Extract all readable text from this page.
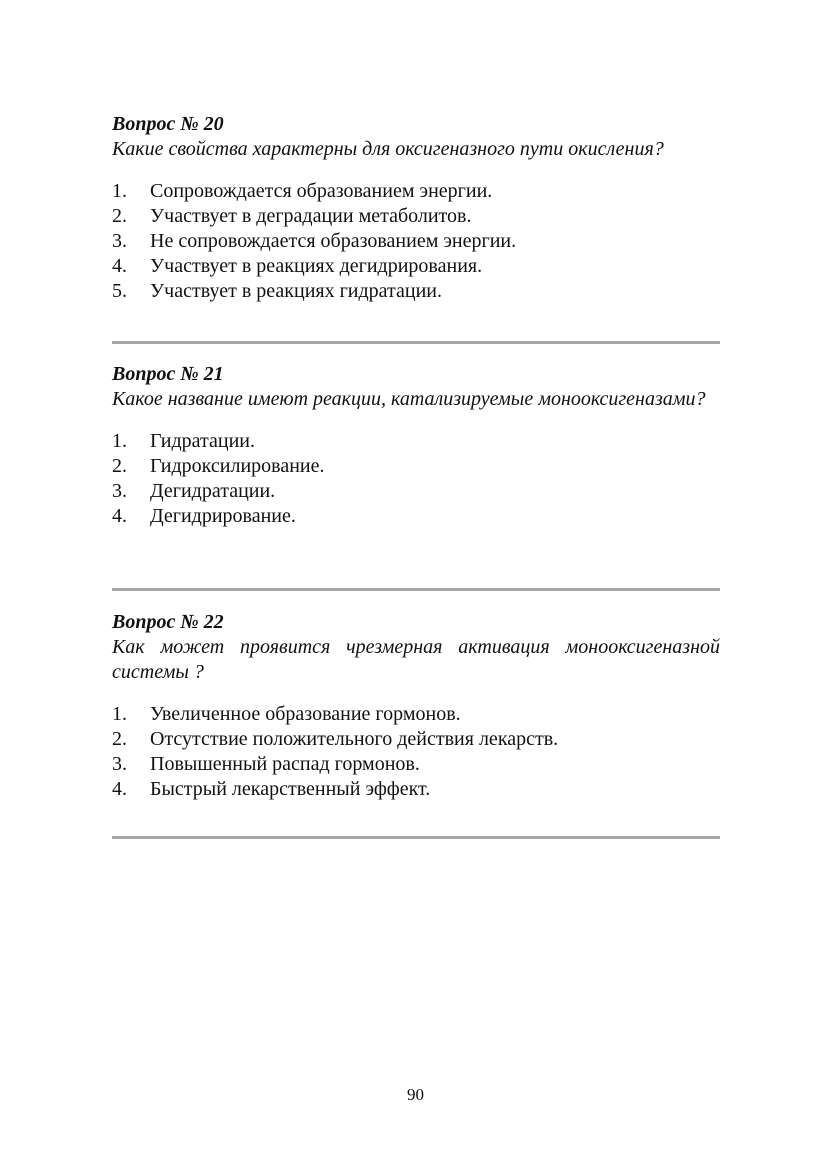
Вопрос № 20

Какие свойства характерны для оксигеназного пути окисления?

1.	Сопровождается образованием энергии.
2.	Участвует в деградации метаболитов.
3.	Не сопровождается образованием энергии.
4.	Участвует в реакциях дегидрирования.
5.	Участвует в реакциях гидратации.

Вопрос № 21

Какое название имеют реакции, катализируемые монооксигеназами?

1.	Гидратации.
2.	Гидроксилирование.
3.	Дегидратации.
4.	Дегидрирование.

Вопрос № 22

Как может проявится чрезмерная активация монооксигеназной системы ?

1.	Увеличенное образование гормонов.
2.	Отсутствие положительного действия лекарств.
3.	Повышенный распад гормонов.
4.	Быстрый лекарственный эффект.
90
